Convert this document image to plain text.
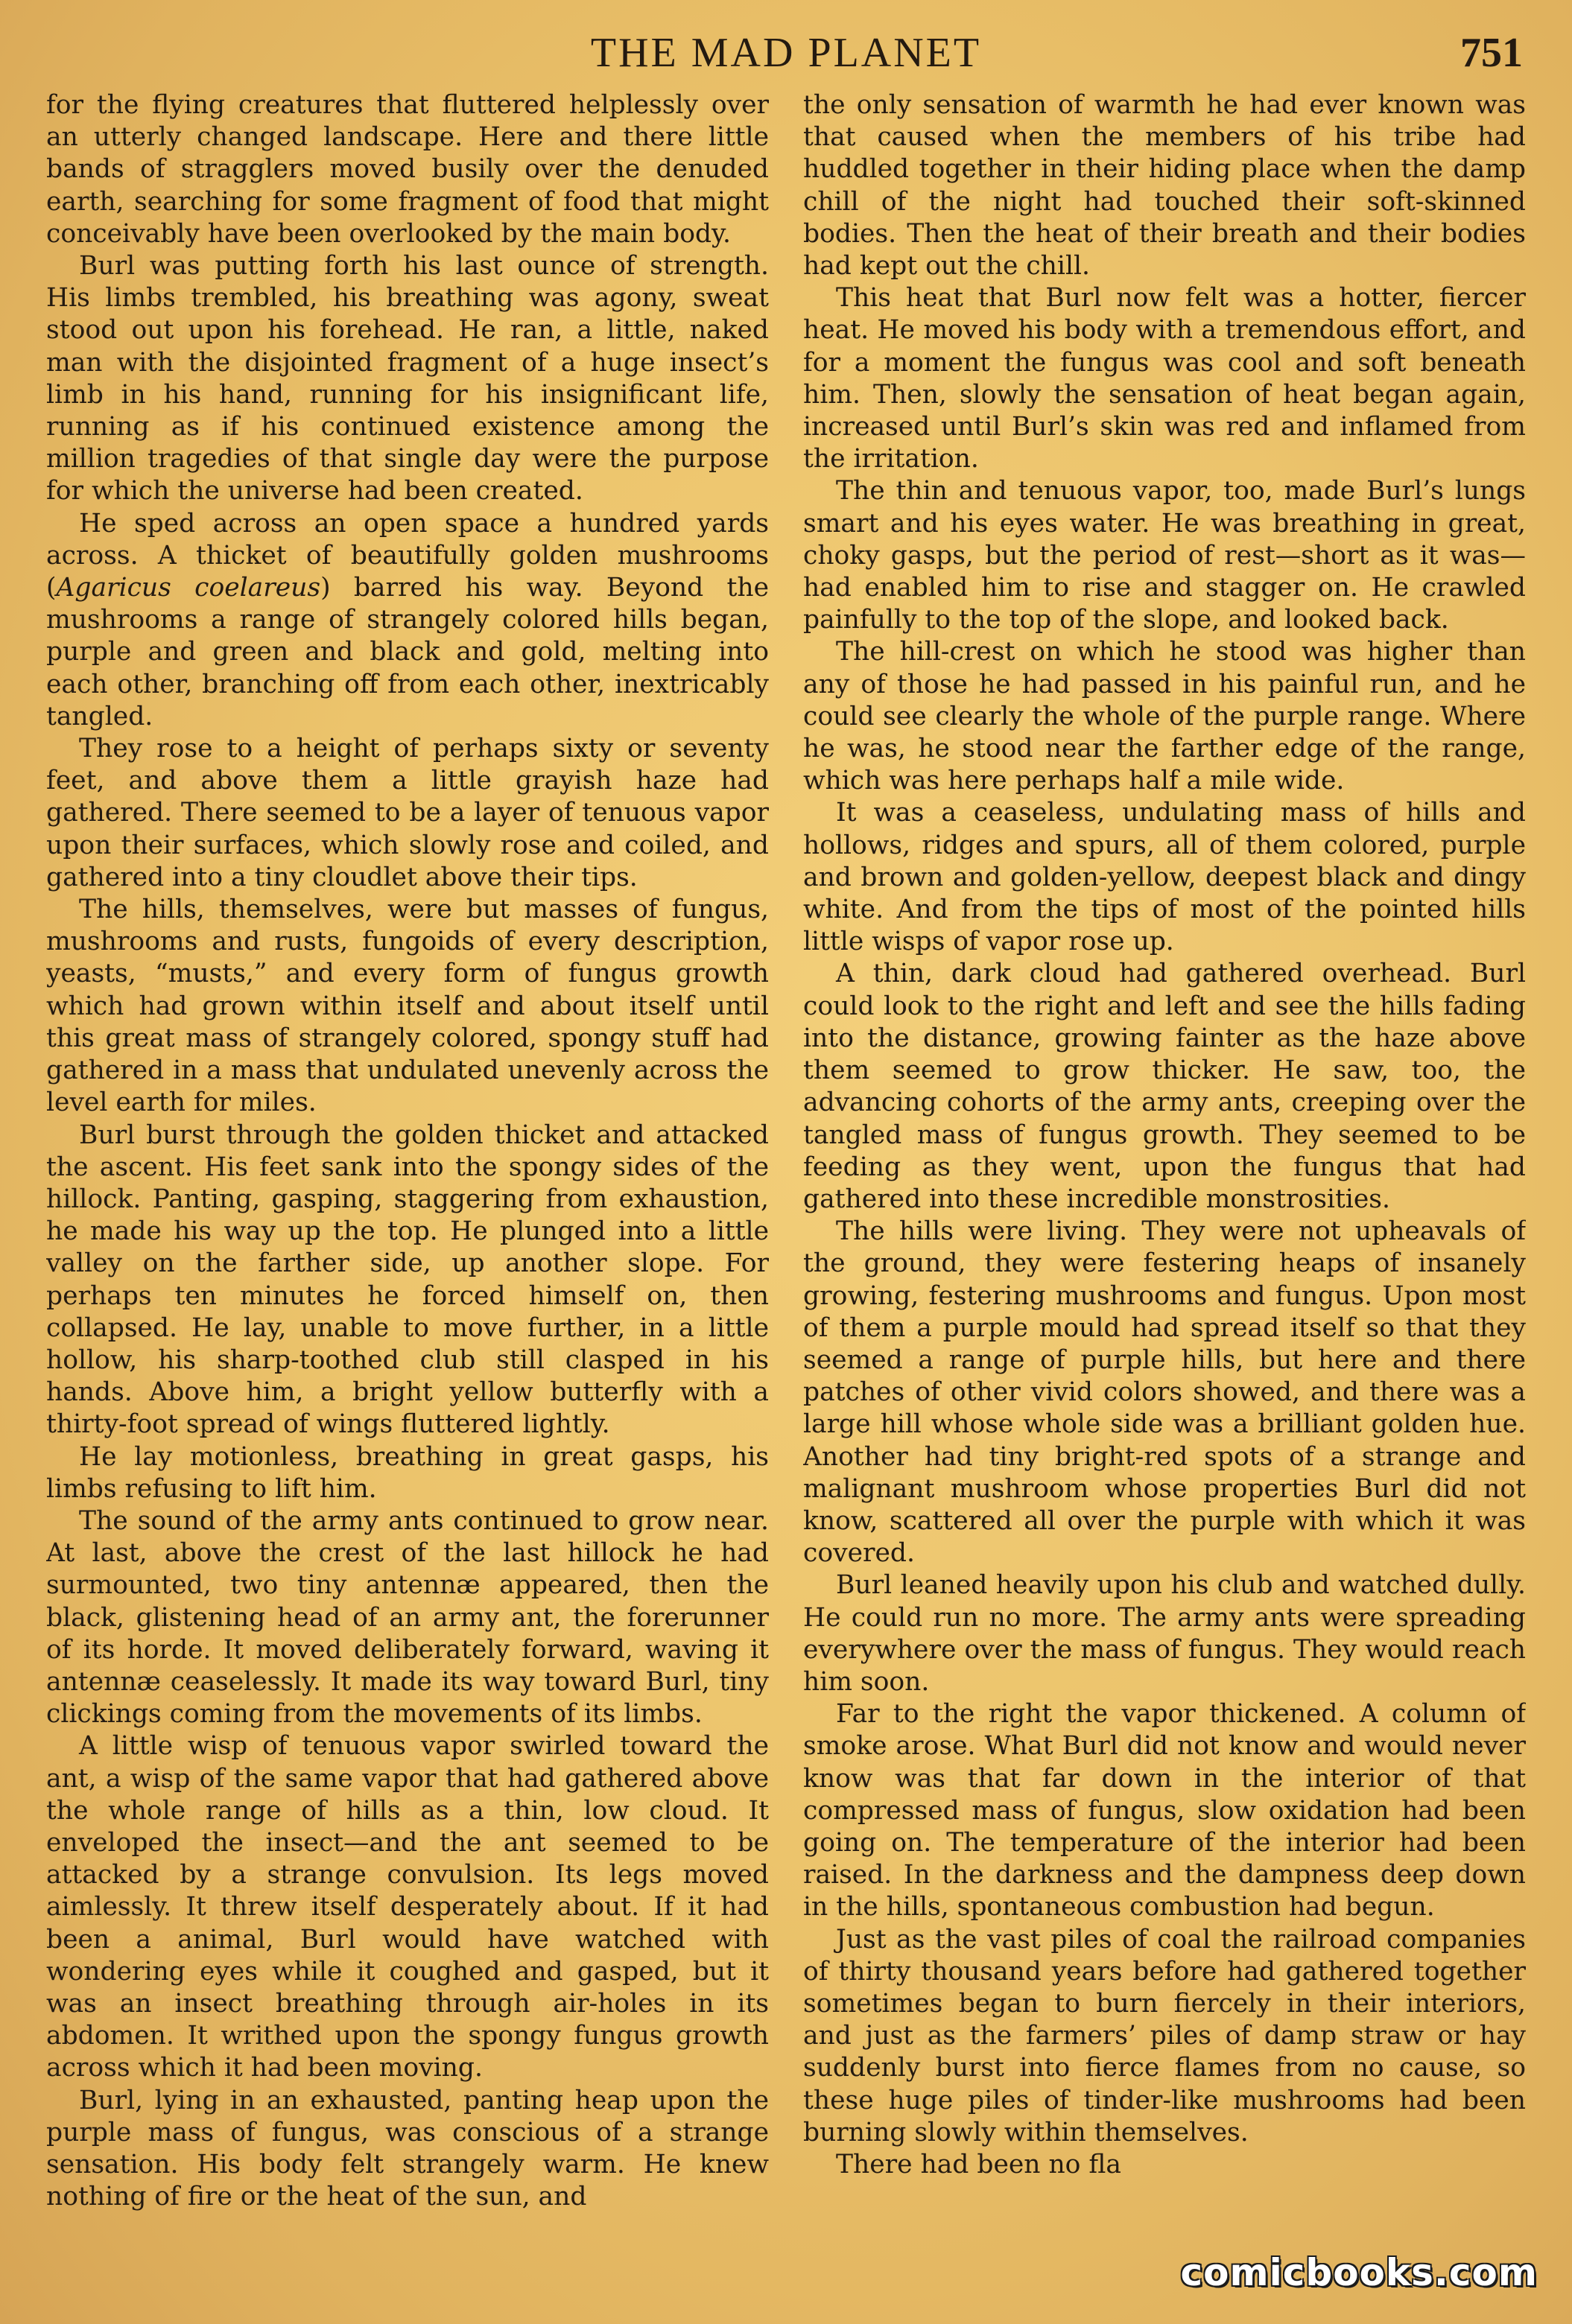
THE MAD PLANET	751

for the flying creatures that fluttered helplessly over an utterly changed landscape. Here and there little bands of stragglers moved busily over the denuded earth, searching for some fragment of food that might conceivably have been overlooked by the main body.

Burl was putting forth his last ounce of strength. His limbs trembled, his breathing was agony, sweat stood out upon his forehead. He ran, a little, naked man with the disjointed fragment of a huge insect’s limb in his hand, running for his insignificant life, running as if his continued existence among the million tragedies of that single day were the purpose for which the universe had been created.

He sped across an open space a hundred yards across. A thicket of beautifully golden mushrooms (Agaricus coelareus) barred his way. Beyond the mushrooms a range of strangely colored hills began, purple and green and black and gold, melting into each other, branching off from each other, inextricably tangled.

They rose to a height of perhaps sixty or seventy feet, and above them a little grayish haze had gathered. There seemed to be a layer of tenuous vapor upon their surfaces, which slowly rose and coiled, and gathered into a tiny cloudlet above their tips.

The hills, themselves, were but masses of fungus, mushrooms and rusts, fungoids of every description, yeasts, “musts,” and every form of fungus growth which had grown within itself and about itself until this great mass of strangely colored, spongy stuff had gathered in a mass that undulated unevenly across the level earth for miles.

Burl burst through the golden thicket and attacked the ascent. His feet sank into the spongy sides of the hillock. Panting, gasping, staggering from exhaustion, he made his way up the top. He plunged into a little valley on the farther side, up another slope. For perhaps ten minutes he forced himself on, then collapsed. He lay, unable to move further, in a little hollow, his sharp-toothed club still clasped in his hands. Above him, a bright yellow butterfly with a thirty-foot spread of wings fluttered lightly.

He lay motionless, breathing in great gasps, his limbs refusing to lift him.

The sound of the army ants continued to grow near. At last, above the crest of the last hillock he had surmounted, two tiny antennæ appeared, then the black, glistening head of an army ant, the forerunner of its horde. It moved deliberately forward, waving it antennæ ceaselessly. It made its way toward Burl, tiny clickings coming from the movements of its limbs.

A little wisp of tenuous vapor swirled toward the ant, a wisp of the same vapor that had gathered above the whole range of hills as a thin, low cloud. It enveloped the insect—and the ant seemed to be attacked by a strange convulsion. Its legs moved aimlessly. It threw itself desperately about. If it had been a animal, Burl would have watched with wondering eyes while it coughed and gasped, but it was an insect breathing through air-holes in its abdomen. It writhed upon the spongy fungus growth across which it had been moving.

Burl, lying in an exhausted, panting heap upon the purple mass of fungus, was conscious of a strange sensation. His body felt strangely warm. He knew nothing of fire or the heat of the sun, and

the only sensation of warmth he had ever known was that caused when the members of his tribe had huddled together in their hiding place when the damp chill of the night had touched their soft-skinned bodies. Then the heat of their breath and their bodies had kept out the chill.

This heat that Burl now felt was a hotter, fiercer heat. He moved his body with a tremendous effort, and for a moment the fungus was cool and soft beneath him. Then, slowly the sensation of heat began again, increased until Burl’s skin was red and inflamed from the irritation.

The thin and tenuous vapor, too, made Burl’s lungs smart and his eyes water. He was breathing in great, choky gasps, but the period of rest—short as it was—had enabled him to rise and stagger on. He crawled painfully to the top of the slope, and looked back.

The hill-crest on which he stood was higher than any of those he had passed in his painful run, and he could see clearly the whole of the purple range. Where he was, he stood near the farther edge of the range, which was here perhaps half a mile wide.

It was a ceaseless, undulating mass of hills and hollows, ridges and spurs, all of them colored, purple and brown and golden-yellow, deepest black and dingy white. And from the tips of most of the pointed hills little wisps of vapor rose up.

A thin, dark cloud had gathered overhead. Burl could look to the right and left and see the hills fading into the distance, growing fainter as the haze above them seemed to grow thicker. He saw, too, the advancing cohorts of the army ants, creeping over the tangled mass of fungus growth. They seemed to be feeding as they went, upon the fungus that had gathered into these incredible monstrosities.

The hills were living. They were not upheavals of the ground, they were festering heaps of insanely growing, festering mushrooms and fungus. Upon most of them a purple mould had spread itself so that they seemed a range of purple hills, but here and there patches of other vivid colors showed, and there was a large hill whose whole side was a brilliant golden hue. Another had tiny bright-red spots of a strange and malignant mushroom whose properties Burl did not know, scattered all over the purple with which it was covered.

Burl leaned heavily upon his club and watched dully. He could run no more. The army ants were spreading everywhere over the mass of fungus. They would reach him soon.

Far to the right the vapor thickened. A column of smoke arose. What Burl did not know and would never know was that far down in the interior of that compressed mass of fungus, slow oxidation had been going on. The temperature of the interior had been raised. In the darkness and the dampness deep down in the hills, spontaneous combustion had begun.

Just as the vast piles of coal the railroad companies of thirty thousand years before had gathered together sometimes began to burn fiercely in their interiors, and just as the farmers’ piles of damp straw or hay suddenly burst into fierce flames from no cause, so these huge piles of tinder-like mushrooms had been burning slowly within themselves.

There had been no fla

comicbooks.com
